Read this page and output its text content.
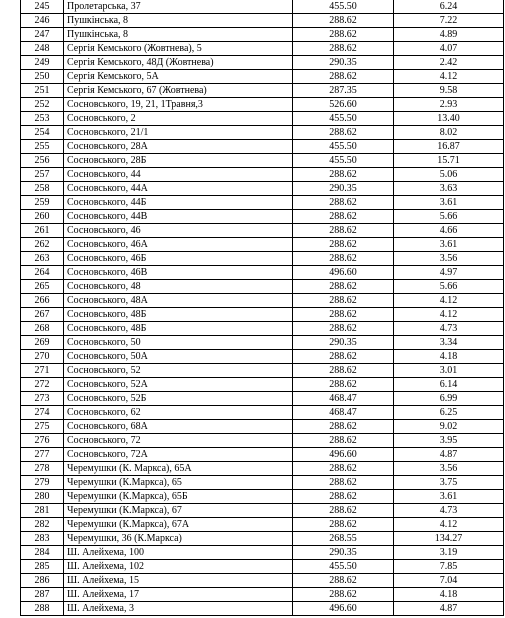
245	Пролетарська, 37	455.50	6.24
246	Пушкінська, 8	288.62	7.22
247	Пушкінська, 8	288.62	4.89
248	Сергія Кемського (Жовтнева), 5	288.62	4.07
249	Сергія Кемського, 48Д (Жовтнева)	290.35	2.42
250	Сергія Кемського, 5А	288.62	4.12
251	Сергія Кемського, 67 (Жовтнева)	287.35	9.58
252	Сосновського, 19, 21, 1Травня,3	526.60	2.93
253	Сосновського, 2	455.50	13.40
254	Сосновського, 21/1	288.62	8.02
255	Сосновського, 28А	455.50	16.87
256	Сосновського, 28Б	455.50	15.71
257	Сосновського, 44	288.62	5.06
258	Сосновського, 44А	290.35	3.63
259	Сосновського, 44Б	288.62	3.61
260	Сосновського, 44В	288.62	5.66
261	Сосновського, 46	288.62	4.66
262	Сосновського, 46А	288.62	3.61
263	Сосновського, 46Б	288.62	3.56
264	Сосновського, 46В	496.60	4.97
265	Сосновського, 48	288.62	5.66
266	Сосновського, 48А	288.62	4.12
267	Сосновського, 48Б	288.62	4.12
268	Сосновського, 48Б	288.62	4.73
269	Сосновського, 50	290.35	3.34
270	Сосновського, 50А	288.62	4.18
271	Сосновського, 52	288.62	3.01
272	Сосновського, 52А	288.62	6.14
273	Сосновського, 52Б	468.47	6.99
274	Сосновського, 62	468.47	6.25
275	Сосновського, 68А	288.62	9.02
276	Сосновського, 72	288.62	3.95
277	Сосновського, 72А	496.60	4.87
278	Черемушки (К. Маркса), 65А	288.62	3.56
279	Черемушки (К.Маркса), 65	288.62	3.75
280	Черемушки (К.Маркса), 65Б	288.62	3.61
281	Черемушки (К.Маркса), 67	288.62	4.73
282	Черемушки (К.Маркса), 67А	288.62	4.12
283	Черемушки, 36 (К.Маркса)	268.55	134.27
284	Ш. Алейхема, 100	290.35	3.19
285	Ш. Алейхема, 102	455.50	7.85
286	Ш. Алейхема, 15	288.62	7.04
287	Ш. Алейхема, 17	288.62	4.18
288	Ш. Алейхема, 3	496.60	4.87
